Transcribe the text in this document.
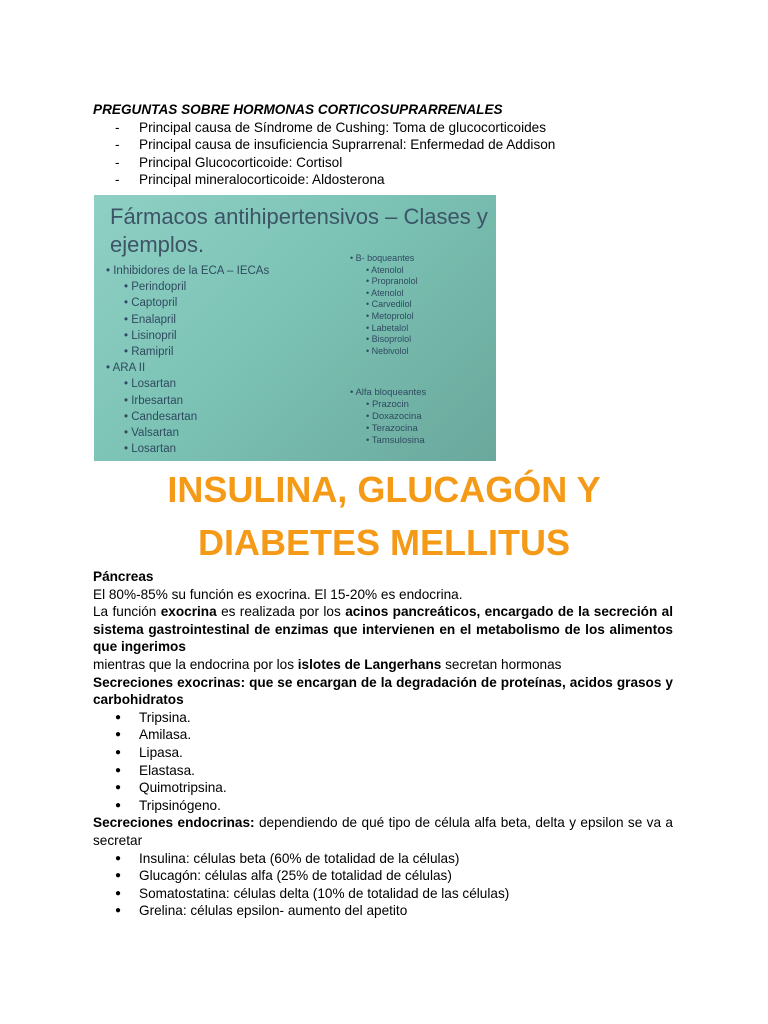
PREGUNTAS SOBRE HORMONAS CORTICOSUPRARRENALES

- Principal causa de Síndrome de Cushing: Toma de glucocorticoides
- Principal causa de insuficiencia Suprarrenal: Enfermedad de Addison
- Principal Glucocorticoide: Cortisol
- Principal mineralocorticoide: Aldosterona
Fármacos antihipertensivos – Clases y ejemplos.
• Inhibidores de la ECA – IECAs
• Perindopril
• Captopril
• Enalapril
• Lisinopril
• Ramipril
• ARA II
• Losartan
• Irbesartan
• Candesartan
• Valsartan
• Losartan
• B- boqueantes
• Atenolol
• Propranolol
• Atenolol
• Carvedilol
• Metoprolol
• Labetalol
• Bisoprolol
• Nebivolol
• Alfa bloqueantes
• Prazocin
• Doxazocina
• Terazocina
• Tamsulosina
INSULINA, GLUCAGÓN Y
DIABETES MELLITUS

Páncreas

El 80%-85% su función es exocrina. El 15-20% es endocrina.

La función exocrina es realizada por los acinos pancreáticos, encargado de la secreción al sistema gastrointestinal de enzimas que intervienen en el metabolismo de los alimentos que ingerimos

mientras que la endocrina por los islotes de Langerhans secretan hormonas

Secreciones exocrinas: que se encargan de la degradación de proteínas, acidos grasos y carbohidratos

● Tripsina.
● Amilasa.
● Lipasa.
● Elastasa.
● Quimotripsina.
● Tripsinógeno.

Secreciones endocrinas: dependiendo de qué tipo de célula alfa beta, delta y epsilon se va a secretar

● Insulina: células beta (60% de totalidad de la células)
● Glucagón: células alfa (25% de totalidad de células)
● Somatostatina: células delta (10% de totalidad de las células)
● Grelina: células epsilon- aumento del apetito
